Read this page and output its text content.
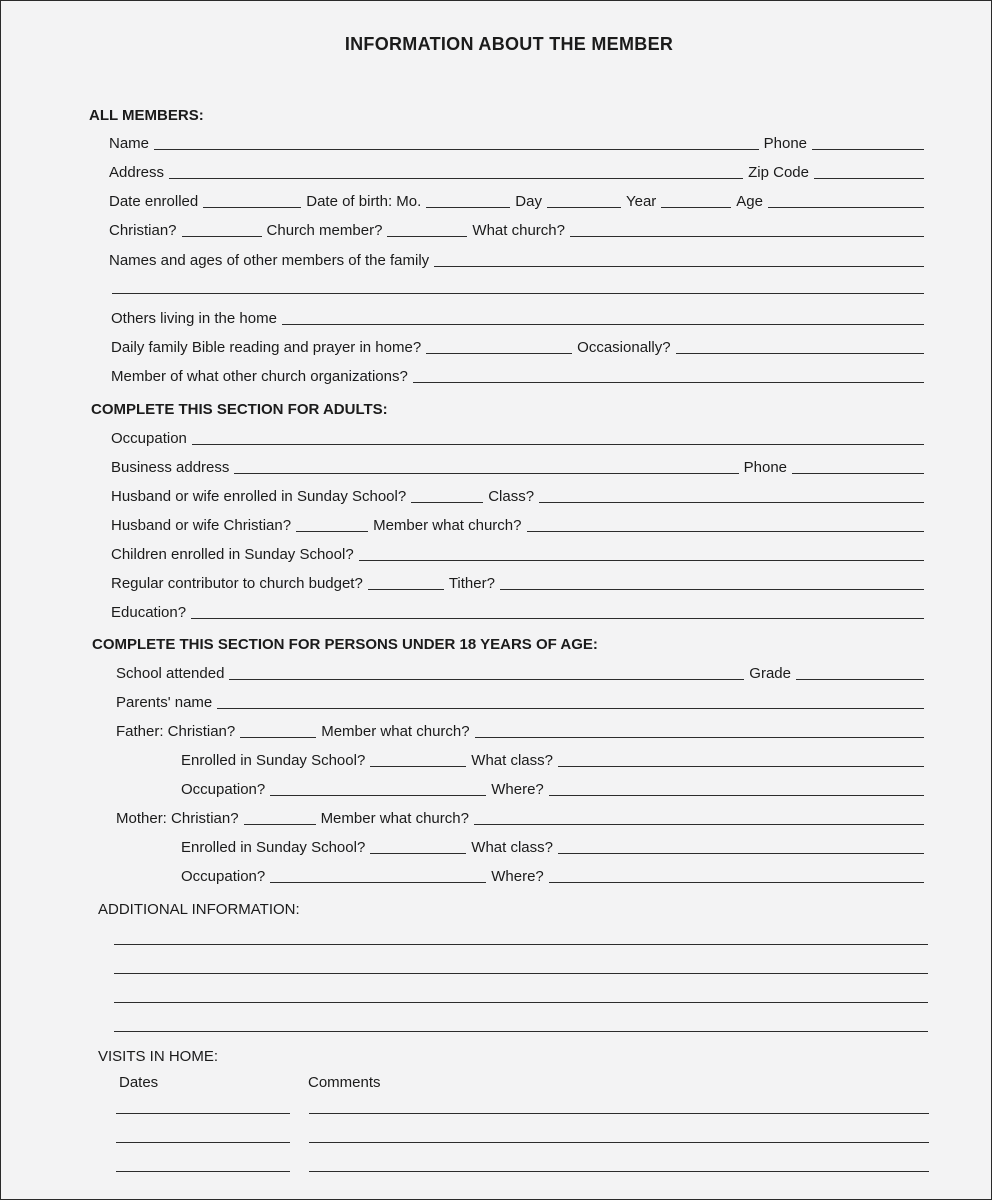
INFORMATION ABOUT THE MEMBER
ALL MEMBERS:
Name	Phone
Address	Zip Code
Date enrolled	Date of birth: Mo.	Day	Year	Age
Christian?	Church member?	What church?
Names and ages of other members of the family
Others living in the home
Daily family Bible reading and prayer in home?	Occasionally?
Member of what other church organizations?
COMPLETE THIS SECTION FOR ADULTS:
Occupation
Business address	Phone
Husband or wife enrolled in Sunday School?	Class?
Husband or wife Christian?	Member what church?
Children enrolled in Sunday School?
Regular contributor to church budget?	Tither?
Education?
COMPLETE THIS SECTION FOR PERSONS UNDER 18 YEARS OF AGE:
School attended	Grade
Parents' name
Father: Christian?	Member what church?
Enrolled in Sunday School?	What class?
Occupation?	Where?
Mother: Christian?	Member what church?
Enrolled in Sunday School?	What class?
Occupation?	Where?
ADDITIONAL INFORMATION:
VISITS IN HOME:
Dates	Comments
